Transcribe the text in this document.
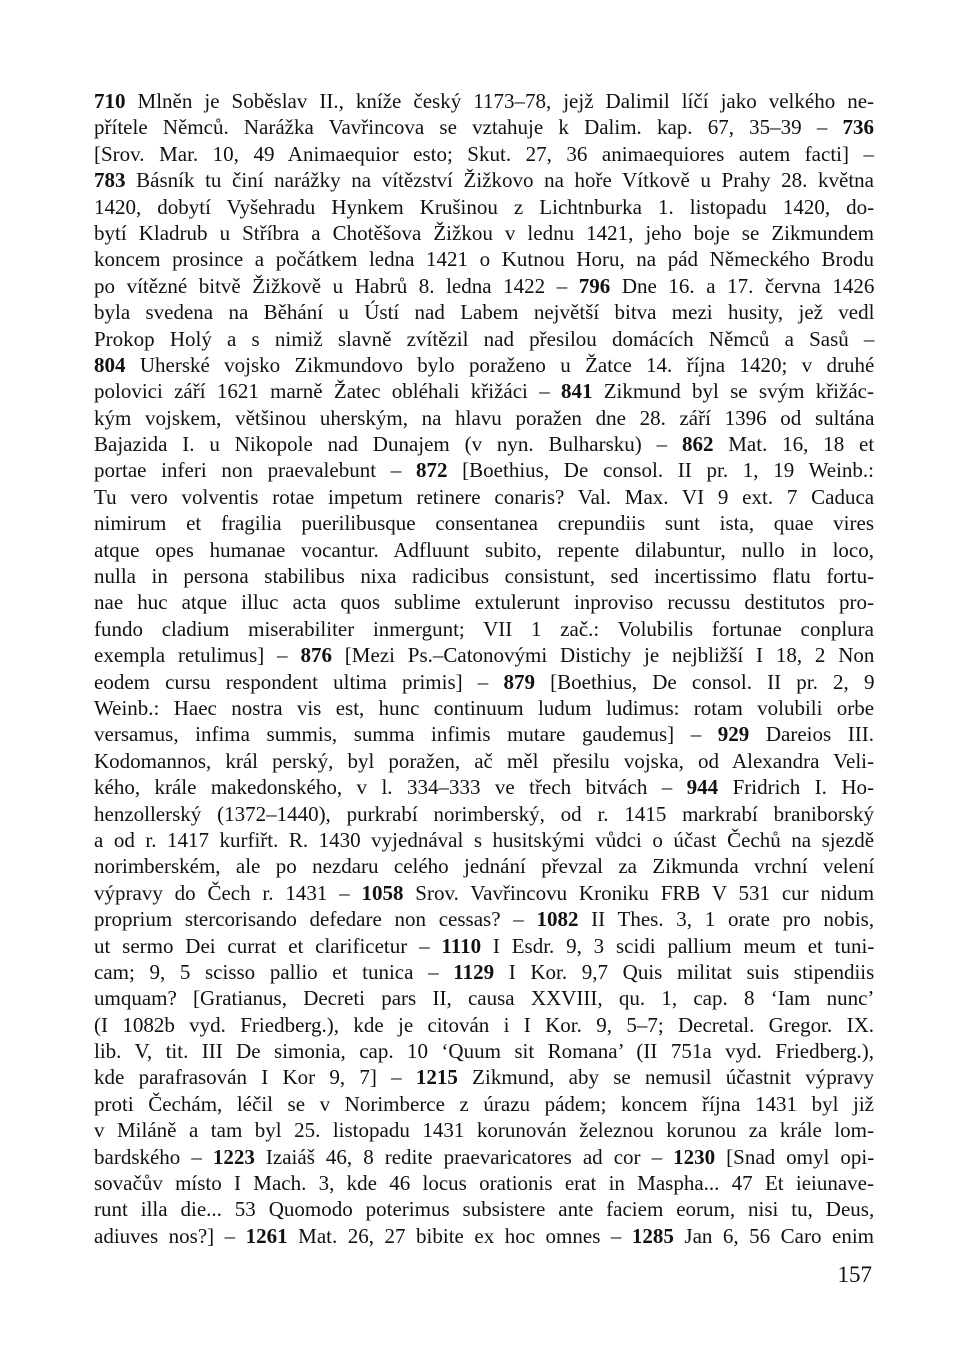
710 Mlněn je Soběslav II., kníže český 1173–78, jejž Dalimil líčí jako velkého ne-
přítele Němců. Narážka Vavřincova se vztahuje k Dalim. kap. 67, 35–39 – 736
[Srov. Mar. 10, 49 Animaequior esto; Skut. 27, 36 animaequiores autem facti] –
783 Básník tu činí narážky na vítězství Žižkovo na hoře Vítkově u Prahy 28. května
1420, dobytí Vyšehradu Hynkem Krušinou z Lichtnburka 1. listopadu 1420, do-
bytí Kladrub u Stříbra a Chotěšova Žižkou v lednu 1421, jeho boje se Zikmundem
koncem prosince a počátkem ledna 1421 o Kutnou Horu, na pád Německého Brodu
po vítězné bitvě Žižkově u Habrů 8. ledna 1422 – 796 Dne 16. a 17. června 1426
byla svedena na Běhání u Ústí nad Labem největší bitva mezi husity, jež vedl
Prokop Holý a s nimiž slavně zvítězil nad přesilou domácích Němců a Sasů –
804 Uherské vojsko Zikmundovo bylo poraženo u Žatce 14. října 1420; v druhé
polovici září 1621 marně Žatec obléhali křižáci – 841 Zikmund byl se svým křižác-
kým vojskem, většinou uherským, na hlavu poražen dne 28. září 1396 od sultána
Bajazida I. u Nikopole nad Dunajem (v nyn. Bulharsku) – 862 Mat. 16, 18 et
portae inferi non praevalebunt – 872 [Boethius, De consol. II pr. 1, 19 Weinb.:
Tu vero volventis rotae impetum retinere conaris? Val. Max. VI 9 ext. 7 Caduca
nimirum et fragilia puerilibusque consentanea crepundiis sunt ista, quae vires
atque opes humanae vocantur. Adfluunt subito, repente dilabuntur, nullo in loco,
nulla in persona stabilibus nixa radicibus consistunt, sed incertissimo flatu fortu-
nae huc atque illuc acta quos sublime extulerunt inproviso recussu destitutos pro-
fundo cladium miserabiliter inmergunt; VII 1 zač.: Volubilis fortunae conplura
exempla retulimus] – 876 [Mezi Ps.–Catonovými Distichy je nejbližší I 18, 2 Non
eodem cursu respondent ultima primis] – 879 [Boethius, De consol. II pr. 2, 9
Weinb.: Haec nostra vis est, hunc continuum ludum ludimus: rotam volubili orbe
versamus, infima summis, summa infimis mutare gaudemus] – 929 Dareios III.
Kodomannos, král perský, byl poražen, ač měl přesilu vojska, od Alexandra Veli-
kého, krále makedonského, v l. 334–333 ve třech bitvách – 944 Fridrich I. Ho-
henzollerský (1372–1440), purkrabí norimberský, od r. 1415 markrabí braniborský
a od r. 1417 kurfiřt. R. 1430 vyjednával s husitskými vůdci o účast Čechů na sjezdě
norimberském, ale po nezdaru celého jednání převzal za Zikmunda vrchní velení
výpravy do Čech r. 1431 – 1058 Srov. Vavřincovu Kroniku FRB V 531 cur nidum
proprium stercorisando defedare non cessas? – 1082 II Thes. 3, 1 orate pro nobis,
ut sermo Dei currat et clarificetur – 1110 I Esdr. 9, 3 scidi pallium meum et tuni-
cam; 9, 5 scisso pallio et tunica – 1129 I Kor. 9,7 Quis militat suis stipendiis
umquam? [Gratianus, Decreti pars II, causa XXVIII, qu. 1, cap. 8 ‘Iam nunc’
(I 1082b vyd. Friedberg.), kde je citován i I Kor. 9, 5–7; Decretal. Gregor. IX.
lib. V, tit. III De simonia, cap. 10 ‘Quum sit Romana’ (II 751a vyd. Friedberg.),
kde parafrasován I Kor 9, 7] – 1215 Zikmund, aby se nemusil účastnit výpravy
proti Čechám, léčil se v Norimberce z úrazu pádem; koncem října 1431 byl již
v Miláně a tam byl 25. listopadu 1431 korunován železnou korunou za krále lom-
bardského – 1223 Izaiáš 46, 8 redite praevaricatores ad cor – 1230 [Snad omyl opi-
sovačův místo I Mach. 3, kde 46 locus orationis erat in Maspha... 47 Et ieiunave-
runt illa die... 53 Quomodo poterimus subsistere ante faciem eorum, nisi tu, Deus,
adiuves nos?] – 1261 Mat. 26, 27 bibite ex hoc omnes – 1285 Jan 6, 56 Caro enim
157
